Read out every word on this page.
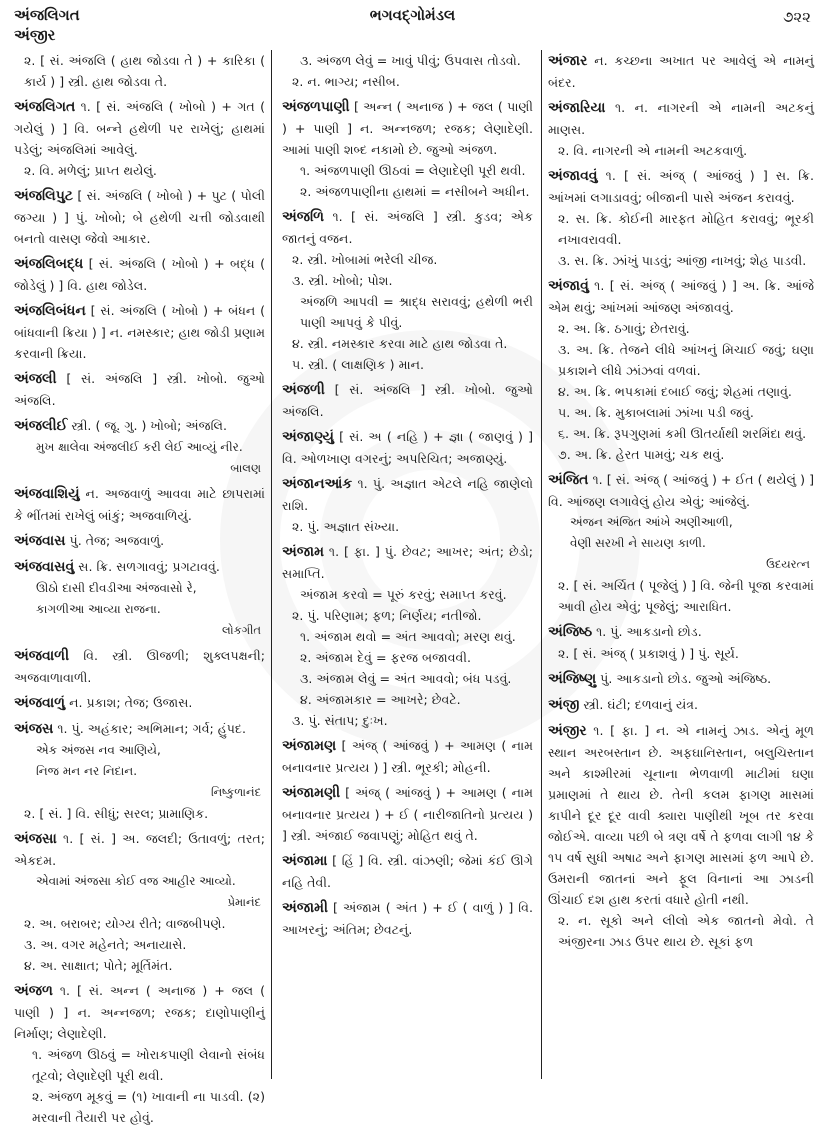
અંજલિગત
અંજીર
ભગવદ્ગોમંડલ	૭૨૨
૨. [ સં. અંજલિ ( હાથ જોડવા તે ) + કારિકા ( કાર્ય ) ] સ્ત્રી. હાથ જોડવા તે.
અંજલિગત ૧. [ સં. અંજલિ ( ખોબો ) + ગત ( ગયેલું ) ] વિ. બન્ને હથેળી પર રાખેલું; હાથમાં પડેલું; અંજલિમાં આવેલું.
૨. વિ. મળેલું; પ્રાપ્ત થયેલું.
અંજલિપુટ [ સં. અંજલિ ( ખોબો ) + પુટ ( પોલી જગ્યા ) ] પું. ખોબો; બે હથેળી ચત્તી જોડવાથી બનતો વાસણ જેવો આકાર.
અંજલિબદ્ધ [ સં. અંજલિ ( ખોબો ) + બદ્ધ ( જોડેલું ) ] વિ. હાથ જોડેલ.
અંજલિબંધન [ સં. અંજલિ ( ખોબો ) + બંધન ( બાંધવાની ક્રિયા ) ] ન. નમસ્કાર; હાથ જોડી પ્રણામ કરવાની ક્રિયા.
અંજલી [ સં. અંજલિ ] સ્ત્રી. ખોબો. જુઓ અંજલિ.
અંજલીઈ સ્ત્રી. ( જૂ. ગુ. ) ખોબો; અંજલિ.
મુખ ક્ષાલેવા અંજલીઈ કરી લેઈ આવ્યું નીર.
બાલણ
અંજવાશિયું ન. અજવાળું આવવા માટે છાપરામાં કે ભીંતમાં રાખેલું બાંકું; અજવાળિયું.
અંજવાસ પું. તેજ; અજવાળું.
અંજવાસવું સ. ક્રિ. સળગાવવું; પ્રગટાવવું.
ઊઠો દાસી દીવડીઆ અંજવાસો રે,
કાગળીઆ આવ્યા રાજના.
લોકગીત
અંજવાળી વિ. સ્ત્રી. ઊજળી; શુક્લપક્ષની; અજવાળાવાળી.
અંજવાળું ન. પ્રકાશ; તેજ; ઉજાસ.
અંજસ ૧. પું. અહંકાર; અભિમાન; ગર્વ; હુંપદ.
એક અંજસ નવ આણિયે,
નિજ મન નર નિદાન.
નિષ્કુળાનંદ
૨. [ સં. ] વિ. સીધું; સરલ; પ્રામાણિક.
અંજસા ૧. [ સં. ] અ. જલદી; ઉતાવળું; તરત; એકદમ.
એવામાં અંજસા કોઈ વજ આહીર આવ્યો.
પ્રેમાનંદ
૨. અ. બરાબર; યોગ્ય રીતે; વાજબીપણે.
૩. અ. વગર મહેનતે; અનાયાસે.
૪. અ. સાક્ષાત; પોતે; મૂર્તિમંત.
અંજળ ૧. [ સં. અન્ન ( અનાજ ) + જલ ( પાણી ) ] ન. અન્નજળ; રજક; દાણોપાણીનું નિર્માણ; લેણાદેણી.
૧. અંજળ ઊઠવું = ખોરાકપાણી લેવાનો સંબંધ તૂટવો; લેણાદેણી પૂરી થવી.
૨. અંજળ મૂકવું = (૧) ખાવાની ના પાડવી. (૨) મરવાની તૈયારી પર હોવું.
૩. અંજળ લેવું = ખાવું પીવું; ઉપવાસ તોડવો.
૨. ન. ભાગ્ય; નસીબ.
અંજળપાણી [ અન્ન ( અનાજ ) + જલ ( પાણી ) + પાણી ] ન. અન્નજળ; રજક; લેણાદેણી. આમાં પાણી શબ્દ નકામો છે. જુઓ અંજળ.
૧. અંજળપાણી ઊઠવાં = લેણાદેણી પૂરી થવી.
૨. અંજળપાણીના હાથમાં = નસીબને અધીન.
અંજળિ ૧. [ સં. અંજલિ ] સ્ત્રી. કુડવ; એક જાતનું વજન.
૨. સ્ત્રી. ખોબામાં ભરેલી ચીજ.
૩. સ્ત્રી. ખોબો; પોશ.
અંજળિ આપવી = શ્રાદ્ધ સરાવવું; હથેળી ભરી પાણી આપવું કે પીવું.
૪. સ્ત્રી. નમસ્કાર કરવા માટે હાથ જોડવા તે.
૫. સ્ત્રી. ( લાક્ષણિક ) માન.
અંજળી [ સં. અંજલિ ] સ્ત્રી. ખોબો. જુઓ અંજલિ.
અંજાણ્યું [ સં. અ ( નહિ ) + જ્ઞા ( જાણવું ) ] વિ. ઓળખાણ વગરનું; અપરિચિત; અજાણ્યું.
અંજાનઆંક ૧. પું. અજ્ઞાત એટલે નહિ જાણેલો રાશિ.
૨. પું. અજ્ઞાત સંખ્યા.
અંજામ ૧. [ ફા. ] પું. છેવટ; આખર; અંત; છેડો; સમાપ્તિ.
અંજામ કરવો = પૂરું કરવું; સમાપ્ત કરવું.
૨. પું. પરિણામ; ફળ; નિર્ણય; નતીજો.
૧. અંજામ થવો = અંત આવવો; મરણ થવું.
૨. અંજામ દેવું = ફરજ બજાવવી.
૩. અંજામ લેવું = અંત આવવો; બંધ પડવું.
૪. અંજામકાર = આખરે; છેવટે.
૩. પું. સંતાપ; દુઃખ.
અંજામણ [ અંજ્ ( આંજવું ) + આમણ ( નામ બનાવનાર પ્રત્યય ) ] સ્ત્રી. ભૂરકી; મોહની.
અંજામણી [ અંજ્ ( આંજવું ) + આમણ ( નામ બનાવનાર પ્રત્યય ) + ઈ ( નારીજાતિનો પ્રત્યય ) ] સ્ત્રી. અંજાઈ જવાપણું; મોહિત થવું તે.
અંજામા [ હિં ] વિ. સ્ત્રી. વાંઝણી; જેમાં કંઈ ઊગે નહિ તેવી.
અંજામી [ અંજામ ( અંત ) + ઈ ( વાળું ) ] વિ. આખરનું; અંતિમ; છેવટનું.
અંજાર ન. કચ્છના અખાત પર આવેલું એ નામનું બંદર.
અંજારિયા ૧. ન. નાગરની એ નામની અટકનું માણસ.
૨. વિ. નાગરની એ નામની અટકવાળું.
અંજાવવું ૧. [ સં. અંજ્ ( આંજવું ) ] સ. ક્રિ. આંખમાં લગાડાવવું; બીજાની પાસે અંજન કરાવવું.
૨. સ. ક્રિ. કોઈની મારફત મોહિત કરાવવું; ભૂરકી નખાવરાવવી.
૩. સ. ક્રિ. ઝાંખું પાડવું; આંજી નાખવું; શેહ પાડવી.
અંજાવું ૧. [ સં. અંજ્ ( આંજવું ) ] અ. ક્રિ. આંજે એમ થવું; આંખમાં આંજણ અંજાવવું.
૨. અ. ક્રિ. ઠગાવું; છેતરાવું.
૩. અ. ક્રિ. તેજને લીધે આંખનું મિચાઈ જવું; ઘણા પ્રકાશને લીધે ઝાંઝવાં વળવાં.
૪. અ. ક્રિ. ભપકામાં દબાઈ જવું; શેહમાં તણાવું.
૫. અ. ક્રિ. મુકાબલામાં ઝાંખા પડી જવું.
૬. અ. ક્રિ. રૂપગુણમાં કમી ઊતર્યાથી શરમિંદા થવું.
૭. અ. ક્રિ. હેરત પામવું; ચક થવું.
અંજિત ૧. [ સં. અંજ્ ( આંજવું ) + ઈત ( થયેલું ) ] વિ. આંજણ લગાવેલું હોય એવું; આંજેલું.
અંજન અંજિત આંખે અણીઆળી,
વેણી સરખી ને સાયણ કાળી.
ઉદયરત્ન
૨. [ સં. અર્ચિત ( પૂજેલું ) ] વિ. જેની પૂજા કરવામાં આવી હોય એવું; પૂજેલું; આરાધિત.
અંજિષ્ઠ ૧. પું. આકડાનો છોડ.
૨. [ સં. અંજ્ ( પ્રકાશવું ) ] પું. સૂર્ય.
અંજિષ્ણુ પું. આકડાનો છોડ. જુઓ અંજિષ્ઠ.
અંજી સ્ત્રી. ઘંટી; દળવાનું યંત્ર.
અંજીર ૧. [ ફા. ] ન. એ નામનું ઝાડ. એનું મૂળ સ્થાન અરબસ્તાન છે. અફઘાનિસ્તાન, બલુચિસ્તાન અને કાશ્મીરમાં ચૂનાના ભેળવાળી માટીમાં ઘણા પ્રમાણમાં તે થાય છે. તેની કલમ ફાગણ માસમાં કાપીને દૂર દૂર વાવી ક્યારા પાણીથી ખૂબ તર કરવા જોઈએ. વાવ્યા પછી બે ત્રણ વર્ષે તે ફળવા લાગી ૧૪ કે ૧૫ વર્ષ સુધી અષાઢ અને ફાગણ માસમાં ફળ આપે છે. ઉમરાની જાતનાં અને ફૂલ વિનાનાં આ ઝાડની ઊંચાઈ દશ હાથ કરતાં વધારે હોતી નથી.
૨. ન. સૂકો અને લીલો એક જાતનો મેવો. તે અંજીરના ઝાડ ઉપર થાય છે. સૂકાં ફળ
